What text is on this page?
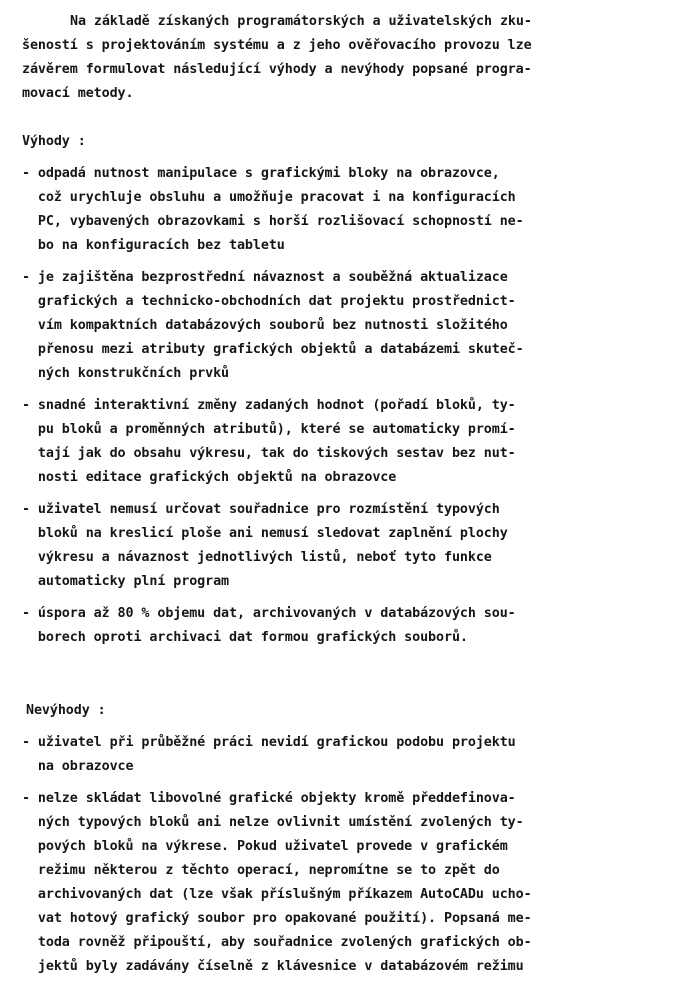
Na základě získaných programátorských a uživatelských zku-
šeností s projektováním systému a z jeho ověřovacího provozu lze
závěrem formulovat následující výhody a nevýhody popsané progra-
movací metody.
Výhody :
- odpadá nutnost manipulace s grafickými bloky na obrazovce,
což urychluje obsluhu a umožňuje pracovat i na konfiguracích
PC, vybavených obrazovkami s horší rozlišovací schopností ne-
bo na konfiguracích bez tabletu
- je zajištěna bezprostřední návaznost a souběžná aktualizace
grafických a technicko-obchodních dat projektu prostřednict-
vím kompaktních databázových souborů bez nutnosti složitého
přenosu mezi atributy grafických objektů a databázemi skuteč-
ných konstrukčních prvků
- snadné interaktivní změny zadaných hodnot (pořadí bloků, ty-
pu bloků a proměnných atributů), které se automaticky promí-
tají jak do obsahu výkresu, tak do tiskových sestav bez nut-
nosti editace grafických objektů na obrazovce
- uživatel nemusí určovat souřadnice pro rozmístění typových
bloků na kreslicí ploše ani nemusí sledovat zaplnění plochy
výkresu a návaznost jednotlivých listů, neboť tyto funkce
automaticky plní program
- úspora až 80 % objemu dat, archivovaných v databázových sou-
borech oproti archivaci dat formou grafických souborů.
Nevýhody :
- uživatel při průběžné práci nevidí grafickou podobu projektu
na obrazovce
- nelze skládat libovolné grafické objekty kromě předdefinova-
ných typových bloků ani nelze ovlivnit umístění zvolených ty-
pových bloků na výkrese. Pokud uživatel provede v grafickém
režimu některou z těchto operací, nepromítne se to zpět do
archivovaných dat (lze však příslušným příkazem AutoCADu ucho-
vat hotový grafický soubor pro opakované použití). Popsaná me-
toda rovněž připouští, aby souřadnice zvolených grafických ob-
jektů byly zadávány číselně z klávesnice v databázovém režimu
